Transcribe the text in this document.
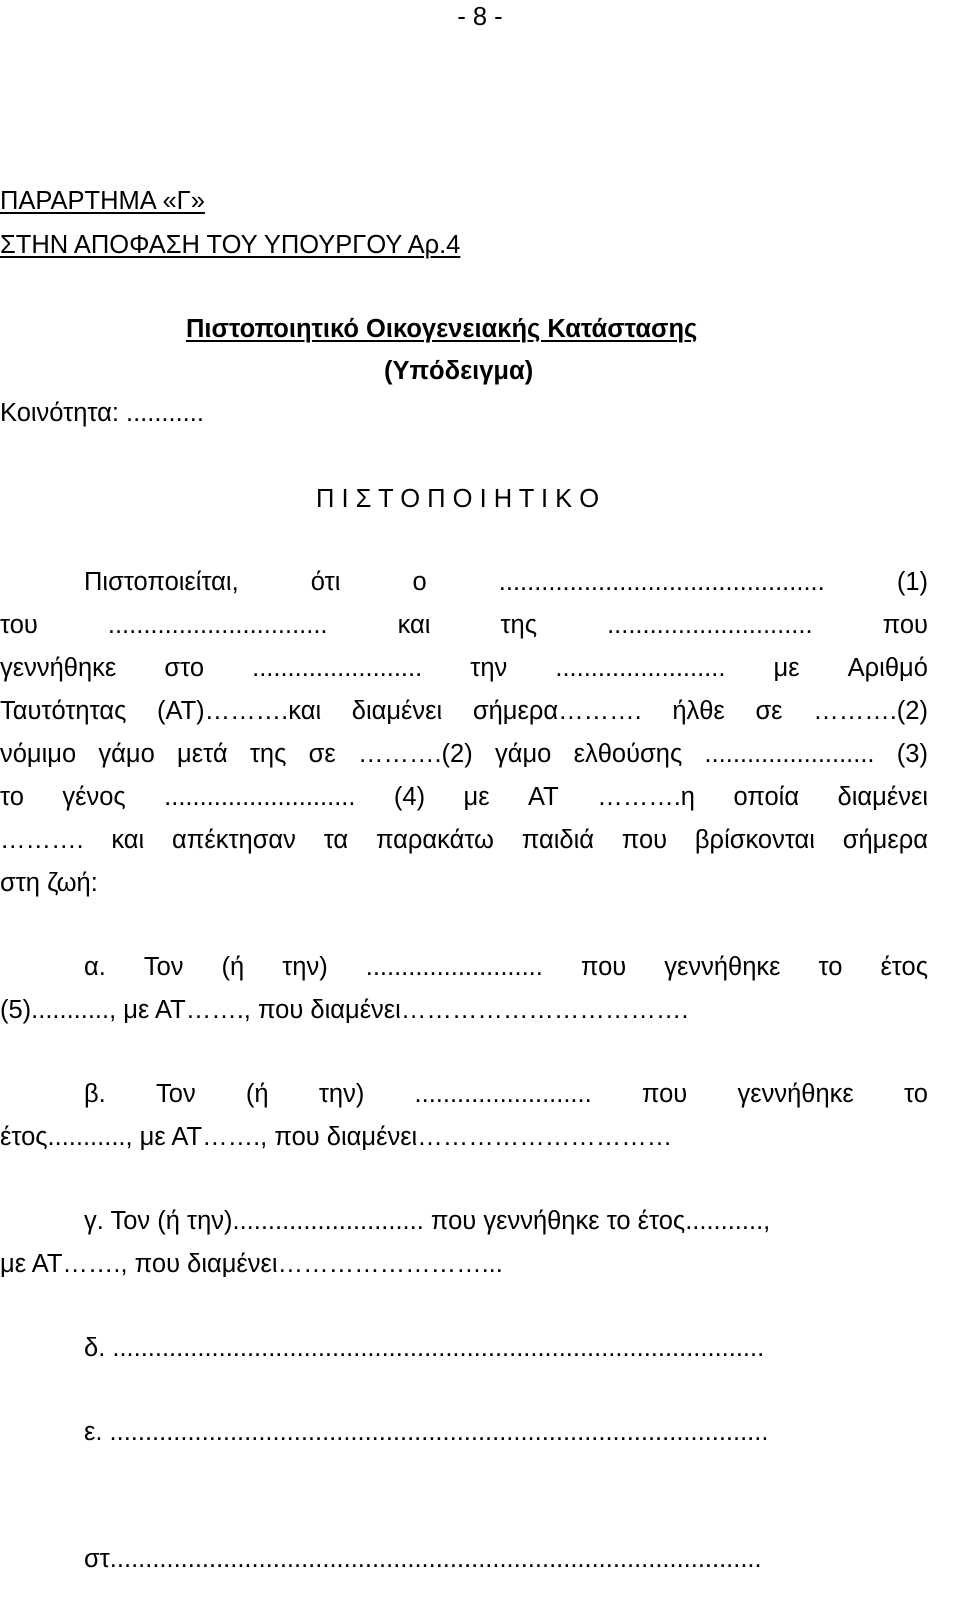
- 8 -
ΠΑΡΑΡΤΗΜΑ «Γ»
ΣΤΗΝ ΑΠΟΦΑΣΗ ΤΟΥ ΥΠΟΥΡΓΟΥ Αρ.4
Πιστοποιητικό Οικογενειακής Κατάστασης
(Υπόδειγμα)
Κοινότητα: ...........
Π Ι Σ Τ Ο Π Ο Ι Η Τ Ι Κ Ο
Πιστοποιείται,	ότι	ο	..............................................	(1)
του	...............................	και	της	.............................	που
γεννήθηκε στο ........................ την ........................ με Αριθμό
Ταυτότητας (ΑΤ)……….και διαμένει σήμερα………. ήλθε σε ……….(2)
νόμιμο γάμο μετά της σε ……….(2) γάμο ελθούσης ........................ (3)
το γένος ........................... (4) με ΑΤ ……….η οποία διαμένει
………. και απέκτησαν τα παρακάτω παιδιά που βρίσκονται σήμερα
στη ζωή:
α. Τον (ή την) ......................... που γεννήθηκε το έτος
(5)..........., με ΑΤ……., που διαμένει…………………………….
β. Τον (ή την) ......................... που γεννήθηκε το
έτος..........., με ΑΤ……., που διαμένει…………………………
γ. Τον (ή την)........................... που γεννήθηκε το έτος...........,
με ΑΤ……., που διαμένει……………………...
δ. ............................................................................................
ε. .............................................................................................
στ............................................................................................
